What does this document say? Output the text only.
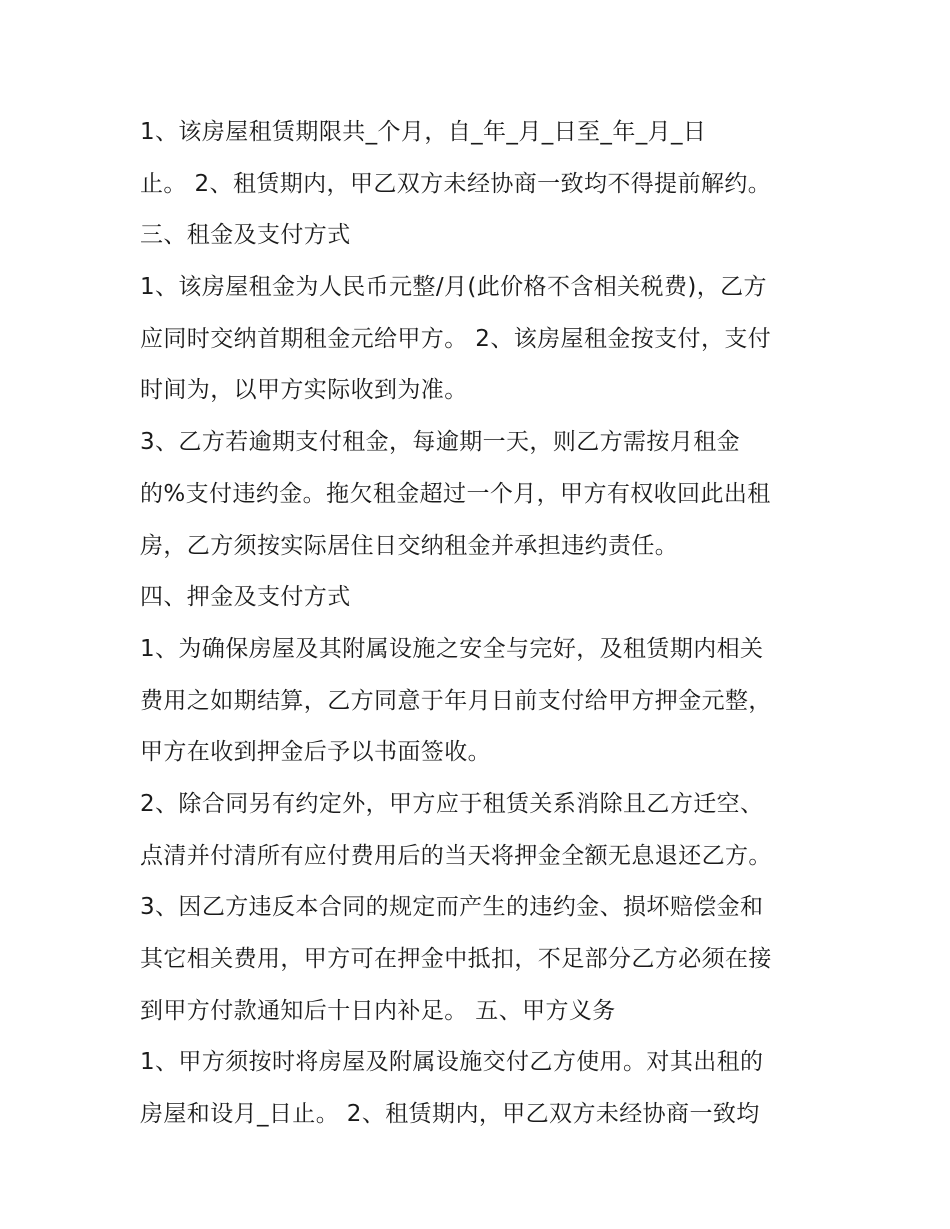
1、该房屋租赁期限共_个月，自_年_月_日至_年_月_日
止。 2、租赁期内，甲乙双方未经协商一致均不得提前解约。
三、租金及支付方式
1、该房屋租金为人民币元整/月(此价格不含相关税费)，乙方
应同时交纳首期租金元给甲方。 2、该房屋租金按支付，支付
时间为，以甲方实际收到为准。
3、乙方若逾期支付租金，每逾期一天，则乙方需按月租金
的%支付违约金。拖欠租金超过一个月，甲方有权收回此出租
房，乙方须按实际居住日交纳租金并承担违约责任。
四、押金及支付方式
1、为确保房屋及其附属设施之安全与完好，及租赁期内相关
费用之如期结算，乙方同意于年月日前支付给甲方押金元整，
甲方在收到押金后予以书面签收。
2、除合同另有约定外，甲方应于租赁关系消除且乙方迁空、
点清并付清所有应付费用后的当天将押金全额无息退还乙方。
3、因乙方违反本合同的规定而产生的违约金、损坏赔偿金和
其它相关费用，甲方可在押金中抵扣，不足部分乙方必须在接
到甲方付款通知后十日内补足。 五、甲方义务
1、甲方须按时将房屋及附属设施交付乙方使用。对其出租的
房屋和设月_日止。 2、租赁期内，甲乙双方未经协商一致均
